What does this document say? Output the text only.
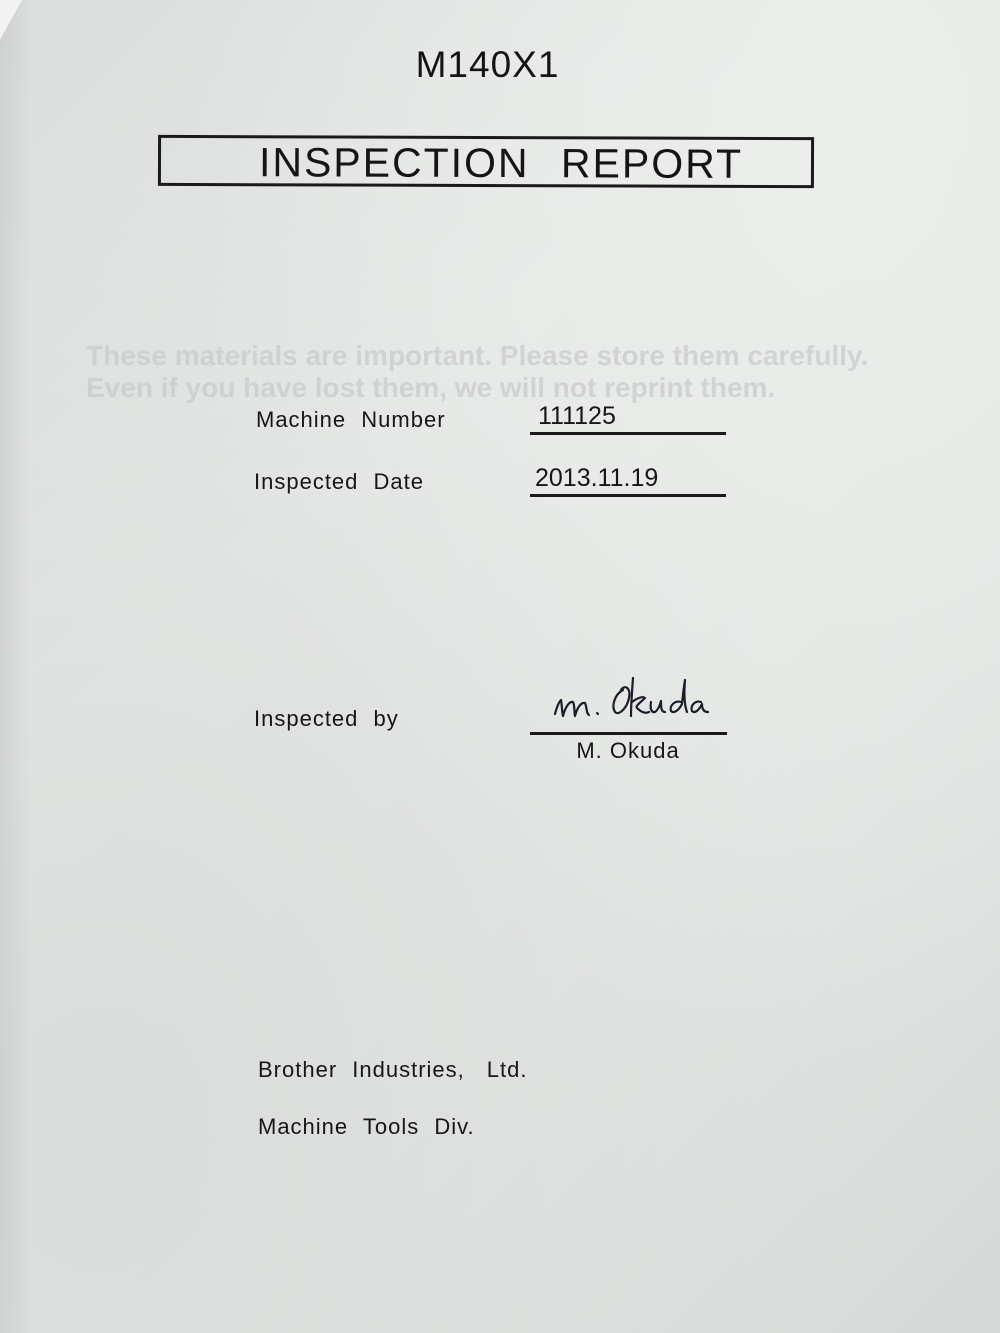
M140X1
INSPECTION REPORT
These materials are important. Please store them carefully.
Even if you have lost them, we will not reprint them.
Machine Number	111125
Inspected Date	2013.11.19
Inspected by
M. Okuda
Brother Industries, Ltd.
Machine Tools Div.
